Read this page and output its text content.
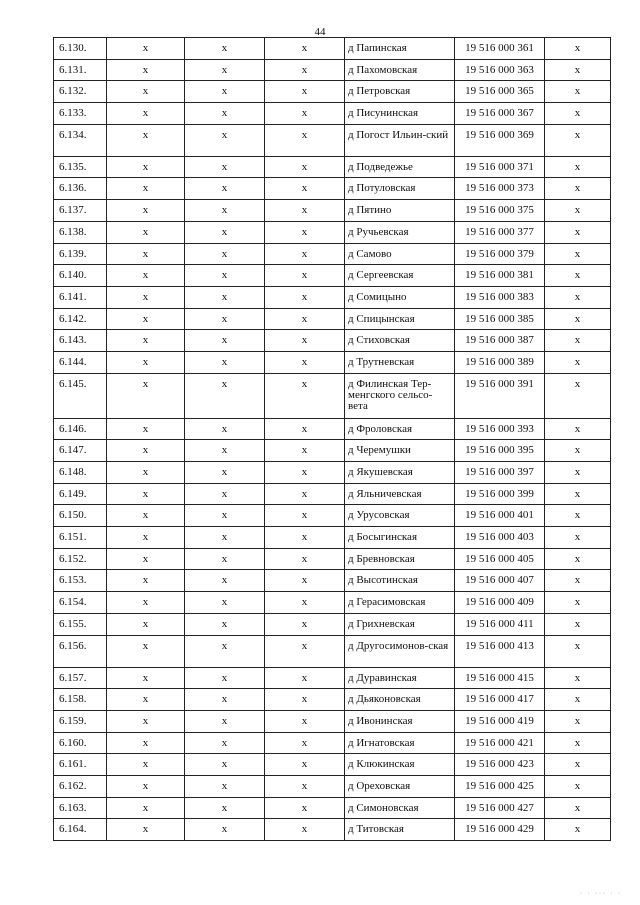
44
6.130.	х	х	х	д Папинская	19 516 000 361	х
6.131.	х	х	х	д Пахомовская	19 516 000 363	х
6.132.	х	х	х	д Петровская	19 516 000 365	х
6.133.	х	х	х	д Писунинская	19 516 000 367	х
6.134.	х	х	х	д Погост Ильин-ский	19 516 000 369	х
6.135.	х	х	х	д Подведежье	19 516 000 371	х
6.136.	х	х	х	д Потуловская	19 516 000 373	х
6.137.	х	х	х	д Пятино	19 516 000 375	х
6.138.	х	х	х	д Ручьевская	19 516 000 377	х
6.139.	х	х	х	д Самово	19 516 000 379	х
6.140.	х	х	х	д Сергеевская	19 516 000 381	х
6.141.	х	х	х	д Сомицыно	19 516 000 383	х
6.142.	х	х	х	д Спицынская	19 516 000 385	х
6.143.	х	х	х	д Стиховская	19 516 000 387	х
6.144.	х	х	х	д Трутневская	19 516 000 389	х
6.145.	х	х	х	д Филинская Тер-менгского сельсо-вета	19 516 000 391	х
6.146.	х	х	х	д Фроловская	19 516 000 393	х
6.147.	х	х	х	д Черемушки	19 516 000 395	х
6.148.	х	х	х	д Якушевская	19 516 000 397	х
6.149.	х	х	х	д Яльничевская	19 516 000 399	х
6.150.	х	х	х	д Урусовская	19 516 000 401	х
6.151.	х	х	х	д Босыгинская	19 516 000 403	х
6.152.	х	х	х	д Бревновская	19 516 000 405	х
6.153.	х	х	х	д Высотинская	19 516 000 407	х
6.154.	х	х	х	д Герасимовская	19 516 000 409	х
6.155.	х	х	х	д Грихневская	19 516 000 411	х
6.156.	х	х	х	д Другосимонов-ская	19 516 000 413	х
6.157.	х	х	х	д Дуравинская	19 516 000 415	х
6.158.	х	х	х	д Дьяконовская	19 516 000 417	х
6.159.	х	х	х	д Ивонинская	19 516 000 419	х
6.160.	х	х	х	д Игнатовская	19 516 000 421	х
6.161.	х	х	х	д Клюкинская	19 516 000 423	х
6.162.	х	х	х	д Ореховская	19 516 000 425	х
6.163.	х	х	х	д Симоновская	19 516 000 427	х
6.164.	х	х	х	д Титовская	19 516 000 429	х
· · ··· · ·
